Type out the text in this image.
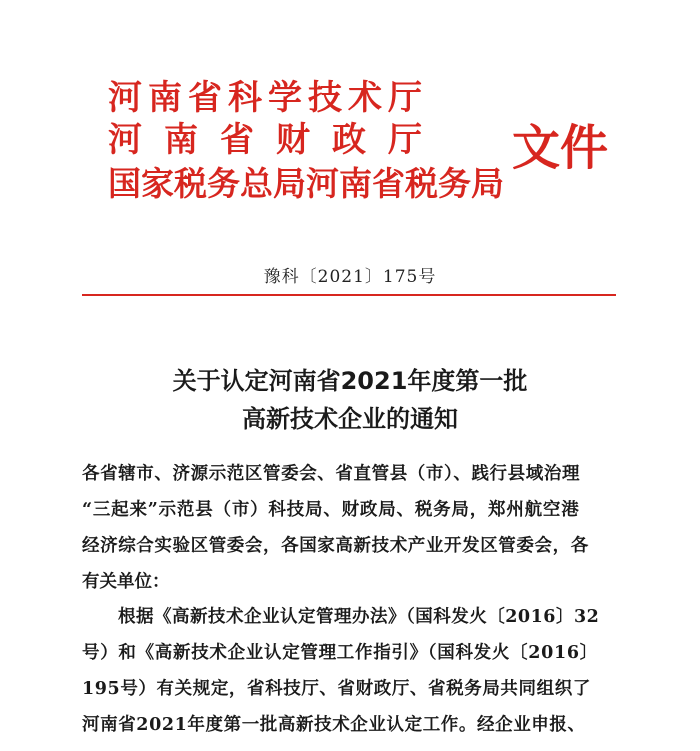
河南省科学技术厅
河南省财政厅
国家税务总局河南省税务局
文件
豫科〔2021〕175号
关于认定河南省2021年度第一批
高新技术企业的通知
各省辖市、济源示范区管委会、省直管县（市）、践行县域治理
“三起来”示范县（市）科技局、财政局、税务局，郑州航空港
经济综合实验区管委会，各国家高新技术产业开发区管委会，各
有关单位：
根据《高新技术企业认定管理办法》（国科发火〔2016〕32
号）和《高新技术企业认定管理工作指引》（国科发火〔2016〕
195号）有关规定，省科技厅、省财政厅、省税务局共同组织了
河南省2021年度第一批高新技术企业认定工作。经企业申报、
